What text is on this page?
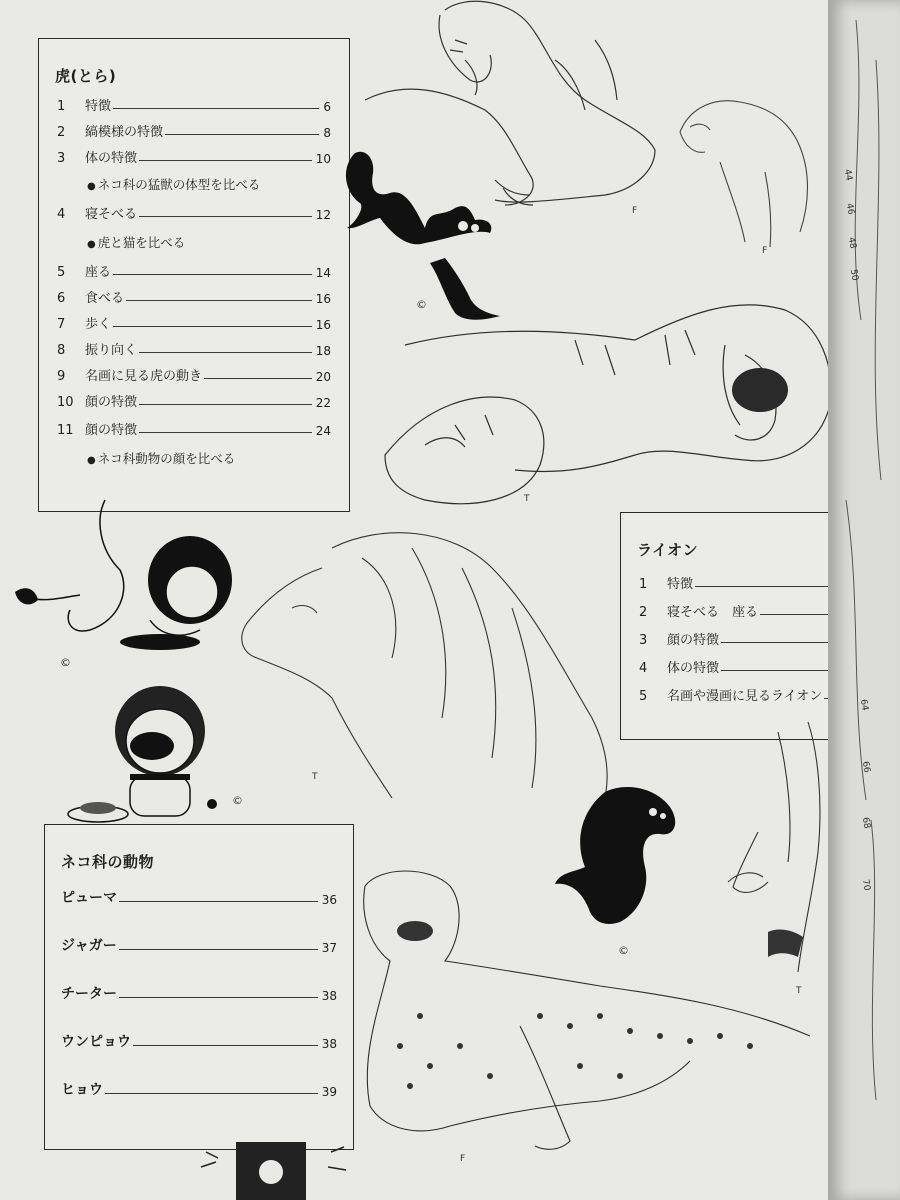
虎(とら)
1	特徴	6
2	縞模様の特徴	8
3	体の特徴	10
● ネコ科の猛獣の体型を比べる
4	寝そべる	12
● 虎と猫を比べる
5	座る	14
6	食べる	16
7	歩く	16
8	振り向く	18
9	名画に見る虎の動き	20
10 顔の特徴	22
11 顔の特徴	24
● ネコ科動物の顔を比べる
ライオン
1	特徴
2	寝そべる　座る
3	顔の特徴
4	体の特徴
5	名画や漫画に見るライオン
ネコ科の動物
ピューマ	36
ジャガー	37
チーター	38
ウンピョウ	38
ヒョウ	39
F
F
©
T
©
T
©
©
T
F
44
46
48
50
64
66
68
70
